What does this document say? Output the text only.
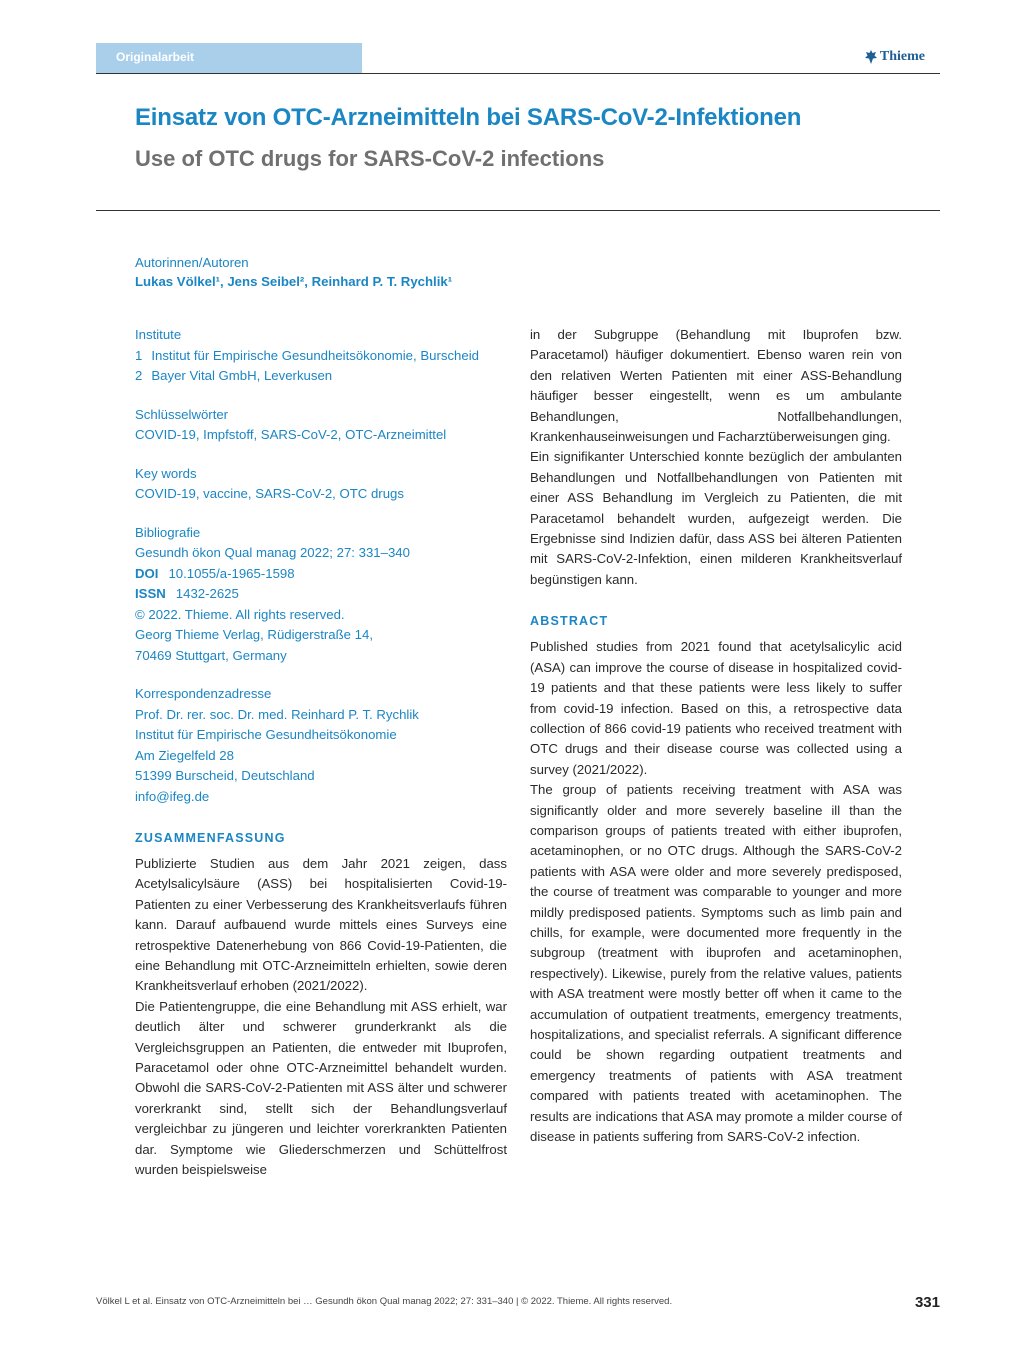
Originalarbeit	Thieme
Einsatz von OTC-Arzneimitteln bei SARS-CoV-2-Infektionen
Use of OTC drugs for SARS-CoV-2 infections
Autorinnen/Autoren
Lukas Völkel¹, Jens Seibel², Reinhard P. T. Rychlik¹
Institute
1 Institut für Empirische Gesundheitsökonomie, Burscheid
2 Bayer Vital GmbH, Leverkusen
Schlüsselwörter
COVID-19, Impfstoff, SARS-CoV-2, OTC-Arzneimittel
Key words
COVID-19, vaccine, SARS-CoV-2, OTC drugs
Bibliografie
Gesundh ökon Qual manag 2022; 27: 331–340
DOI 10.1055/a-1965-1598
ISSN 1432-2625
© 2022. Thieme. All rights reserved.
Georg Thieme Verlag, Rüdigerstraße 14,
70469 Stuttgart, Germany
Korrespondenzadresse
Prof. Dr. rer. soc. Dr. med. Reinhard P. T. Rychlik
Institut für Empirische Gesundheitsökonomie
Am Ziegelfeld 28
51399 Burscheid, Deutschland
info@ifeg.de
ZUSAMMENFASSUNG

Publizierte Studien aus dem Jahr 2021 zeigen, dass Acetylsalicylsäure (ASS) bei hospitalisierten Covid-19-Patienten zu einer Verbesserung des Krankheitsverlaufs führen kann. Darauf aufbauend wurde mittels eines Surveys eine retrospektive Datenerhebung von 866 Covid-19-Patienten, die eine Behandlung mit OTC-Arzneimitteln erhielten, sowie deren Krankheitsverlauf erhoben (2021/2022).

Die Patientengruppe, die eine Behandlung mit ASS erhielt, war deutlich älter und schwerer grunderkrankt als die Vergleichsgruppen an Patienten, die entweder mit Ibuprofen, Paracetamol oder ohne OTC-Arzneimittel behandelt wurden. Obwohl die SARS-CoV-2-Patienten mit ASS älter und schwerer vorerkrankt sind, stellt sich der Behandlungsverlauf vergleichbar zu jüngeren und leichter vorerkrankten Patienten dar. Symptome wie Gliederschmerzen und Schüttelfrost wurden beispielsweise

in der Subgruppe (Behandlung mit Ibuprofen bzw. Paracetamol) häufiger dokumentiert. Ebenso waren rein von den relativen Werten Patienten mit einer ASS-Behandlung häufiger besser eingestellt, wenn es um ambulante Behandlungen, Notfallbehandlungen, Krankenhauseinweisungen und Facharztüberweisungen ging.

Ein signifikanter Unterschied konnte bezüglich der ambulanten Behandlungen und Notfallbehandlungen von Patienten mit einer ASS Behandlung im Vergleich zu Patienten, die mit Paracetamol behandelt wurden, aufgezeigt werden. Die Ergebnisse sind Indizien dafür, dass ASS bei älteren Patienten mit SARS-CoV-2-Infektion, einen milderen Krankheitsverlauf begünstigen kann.

ABSTRACT

Published studies from 2021 found that acetylsalicylic acid (ASA) can improve the course of disease in hospitalized covid-19 patients and that these patients were less likely to suffer from covid-19 infection. Based on this, a retrospective data collection of 866 covid-19 patients who received treatment with OTC drugs and their disease course was collected using a survey (2021/2022).

The group of patients receiving treatment with ASA was significantly older and more severely baseline ill than the comparison groups of patients treated with either ibuprofen, acetaminophen, or no OTC drugs. Although the SARS-CoV-2 patients with ASA were older and more severely predisposed, the course of treatment was comparable to younger and more mildly predisposed patients. Symptoms such as limb pain and chills, for example, were documented more frequently in the subgroup (treatment with ibuprofen and acetaminophen, respectively). Likewise, purely from the relative values, patients with ASA treatment were mostly better off when it came to the accumulation of outpatient treatments, emergency treatments, hospitalizations, and specialist referrals. A significant difference could be shown regarding outpatient treatments and emergency treatments of patients with ASA treatment compared with patients treated with acetaminophen. The results are indications that ASA may promote a milder course of disease in patients suffering from SARS-CoV-2 infection.

Völkel L et al. Einsatz von OTC-Arzneimitteln bei … Gesundh ökon Qual manag 2022; 27: 331–340 | © 2022. Thieme. All rights reserved.	331
